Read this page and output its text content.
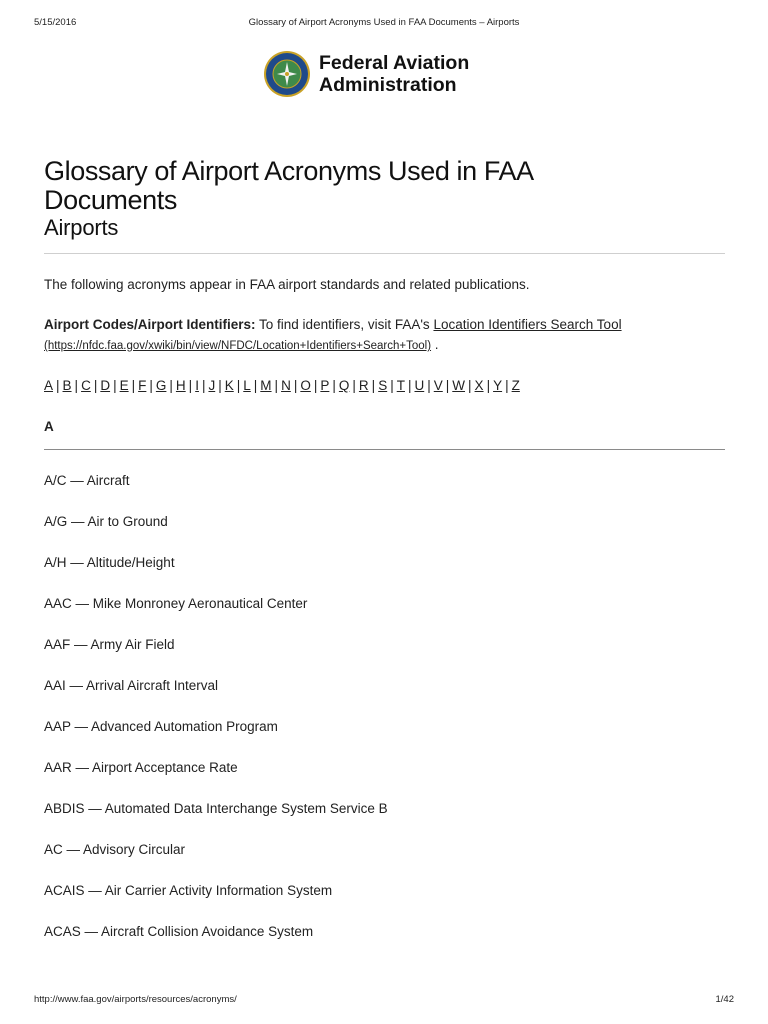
5/15/2016	Glossary of Airport Acronyms Used in FAA Documents – Airports
Federal Aviation
Administration
Glossary of Airport Acronyms Used in FAA Documents
Airports

The following acronyms appear in FAA airport standards and related publications.

Airport Codes/Airport Identifiers: To find identifiers, visit FAA's Location Identifiers Search Tool
(https://nfdc.faa.gov/xwiki/bin/view/NFDC/Location+Identifiers+Search+Tool) .

A | B | C | D | E | F | G | H | I | J | K | L | M | N | O | P | Q | R | S | T | U | V | W | X | Y | Z

A

A/C — Aircraft
A/G — Air to Ground
A/H — Altitude/Height
AAC — Mike Monroney Aeronautical Center
AAF — Army Air Field
AAI — Arrival Aircraft Interval
AAP — Advanced Automation Program
AAR — Airport Acceptance Rate
ABDIS — Automated Data Interchange System Service B
AC — Advisory Circular
ACAIS — Air Carrier Activity Information System
ACAS — Aircraft Collision Avoidance System
http://www.faa.gov/airports/resources/acronyms/	1/42
